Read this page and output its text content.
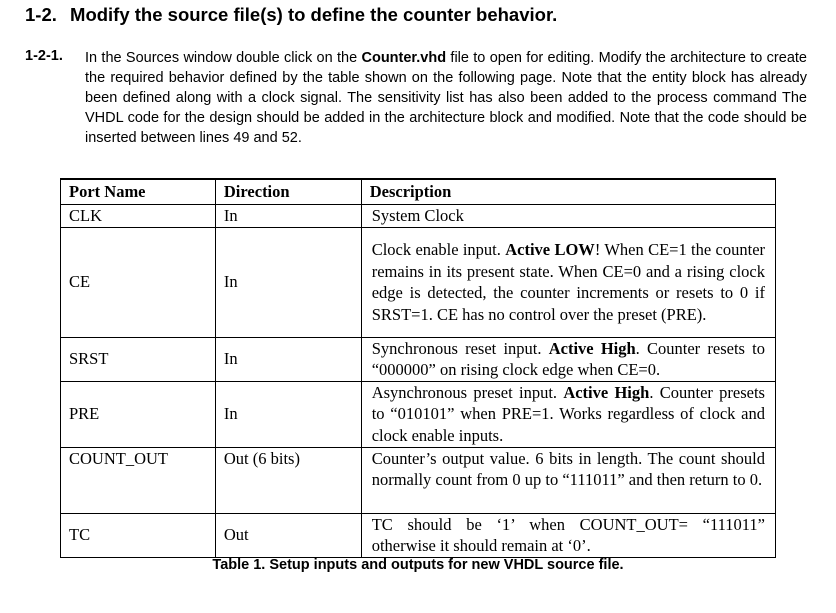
1-2. Modify the source file(s) to define the counter behavior.
1-2-1. In the Sources window double click on the Counter.vhd file to open for editing. Modify the architecture to create the required behavior defined by the table shown on the following page. Note that the entity block has already been defined along with a clock signal. The sensitivity list has also been added to the process command The VHDL code for the design should be added in the architecture block and modified. Note that the code should be inserted between lines 49 and 52.
Port Name	Direction	Description
CLK	In	System Clock
CE	In	Clock enable input. Active LOW! When CE=1 the counter remains in its present state. When CE=0 and a rising clock edge is detected, the counter increments or resets to 0 if SRST=1. CE has no control over the preset (PRE).
SRST	In	Synchronous reset input. Active High. Counter resets to “000000” on rising clock edge when CE=0.
PRE	In	Asynchronous preset input. Active High. Counter presets to “010101” when PRE=1. Works regardless of clock and clock enable inputs.
COUNT_OUT	Out (6 bits)	Counter’s output value. 6 bits in length. The count should normally count from 0 up to “111011” and then return to 0.
TC	Out	TC should be ‘1’ when COUNT_OUT= “111011” otherwise it should remain at ‘0’.
Table 1. Setup inputs and outputs for new VHDL source file.
